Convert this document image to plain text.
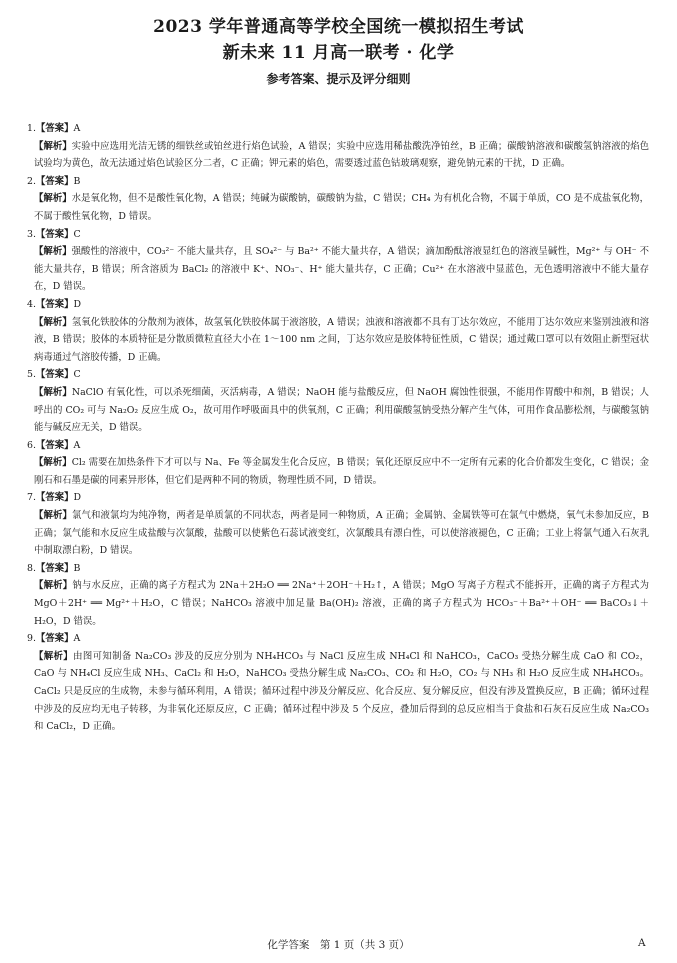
2023 学年普通高等学校全国统一模拟招生考试
新未来 11 月高一联考 · 化学
参考答案、提示及评分细则

1.【答案】A

【解析】实验中应选用光洁无锈的细铁丝或铂丝进行焰色试验，A 错误；实验中应选用稀盐酸洗净铂丝，B 正确；碳酸钠溶液和碳酸氢钠溶液的焰色试验均为黄色，故无法通过焰色试验区分二者，C 正确；钾元素的焰色，需要透过蓝色钴玻璃观察，避免钠元素的干扰，D 正确。

2.【答案】B

【解析】水是氧化物，但不是酸性氧化物，A 错误；纯碱为碳酸钠，碳酸钠为盐，C 错误；CH₄ 为有机化合物，不属于单质，CO 是不成盐氧化物，不属于酸性氧化物，D 错误。

3.【答案】C

【解析】强酸性的溶液中，CO₃²⁻ 不能大量共存，且 SO₄²⁻ 与 Ba²⁺ 不能大量共存，A 错误；滴加酚酞溶液显红色的溶液呈碱性，Mg²⁺ 与 OH⁻ 不能大量共存，B 错误；所含溶质为 BaCl₂ 的溶液中 K⁺、NO₃⁻、H⁺ 能大量共存，C 正确；Cu²⁺ 在水溶液中显蓝色，无色透明溶液中不能大量存在，D 错误。

4.【答案】D

【解析】氢氧化铁胶体的分散剂为液体，故氢氧化铁胶体属于液溶胶，A 错误；浊液和溶液都不具有丁达尔效应，不能用丁达尔效应来鉴别浊液和溶液，B 错误；胶体的本质特征是分散质微粒直径大小在 1～100 nm 之间，丁达尔效应是胶体特征性质，C 错误；通过戴口罩可以有效阻止新型冠状病毒通过气溶胶传播，D 正确。

5.【答案】C

【解析】NaClO 有氧化性，可以杀死细菌，灭活病毒，A 错误；NaOH 能与盐酸反应，但 NaOH 腐蚀性很强，不能用作胃酸中和剂，B 错误；人呼出的 CO₂ 可与 Na₂O₂ 反应生成 O₂，故可用作呼吸面具中的供氧剂，C 正确；利用碳酸氢钠受热分解产生气体，可用作食品膨松剂，与碳酸氢钠能与碱反应无关，D 错误。

6.【答案】A

【解析】Cl₂ 需要在加热条件下才可以与 Na、Fe 等金属发生化合反应，B 错误；氧化还原反应中不一定所有元素的化合价都发生变化，C 错误；金刚石和石墨是碳的同素异形体，但它们是两种不同的物质，物理性质不同，D 错误。

7.【答案】D

【解析】氯气和液氯均为纯净物，两者是单质氯的不同状态，两者是同一种物质，A 正确；金属钠、金属铁等可在氯气中燃烧，氧气未参加反应，B 正确；氯气能和水反应生成盐酸与次氯酸，盐酸可以使紫色石蕊试液变红，次氯酸具有漂白性，可以使溶液褪色，C 正确；工业上将氯气通入石灰乳中制取漂白粉，D 错误。

8.【答案】B

【解析】钠与水反应，正确的离子方程式为 2Na＋2H₂O ══ 2Na⁺＋2OH⁻＋H₂↑，A 错误；MgO 写离子方程式不能拆开，正确的离子方程式为 MgO＋2H⁺ ══ Mg²⁺＋H₂O，C 错误；NaHCO₃ 溶液中加足量 Ba(OH)₂ 溶液，正确的离子方程式为 HCO₃⁻＋Ba²⁺＋OH⁻ ══ BaCO₃↓＋H₂O，D 错误。

9.【答案】A

【解析】由图可知制备 Na₂CO₃ 涉及的反应分别为 NH₄HCO₃ 与 NaCl 反应生成 NH₄Cl 和 NaHCO₃，CaCO₃ 受热分解生成 CaO 和 CO₂，CaO 与 NH₄Cl 反应生成 NH₃、CaCl₂ 和 H₂O，NaHCO₃ 受热分解生成 Na₂CO₃、CO₂ 和 H₂O，CO₂ 与 NH₃ 和 H₂O 反应生成 NH₄HCO₃。CaCl₂ 只是反应的生成物，未参与循环利用，A 错误；循环过程中涉及分解反应、化合反应、复分解反应，但没有涉及置换反应，B 正确；循环过程中涉及的反应均无电子转移，为非氧化还原反应，C 正确；循环过程中涉及 5 个反应，叠加后得到的总反应相当于食盐和石灰石反应生成 Na₂CO₃ 和 CaCl₂，D 正确。

化学答案　第 1 页（共 3 页）	A
